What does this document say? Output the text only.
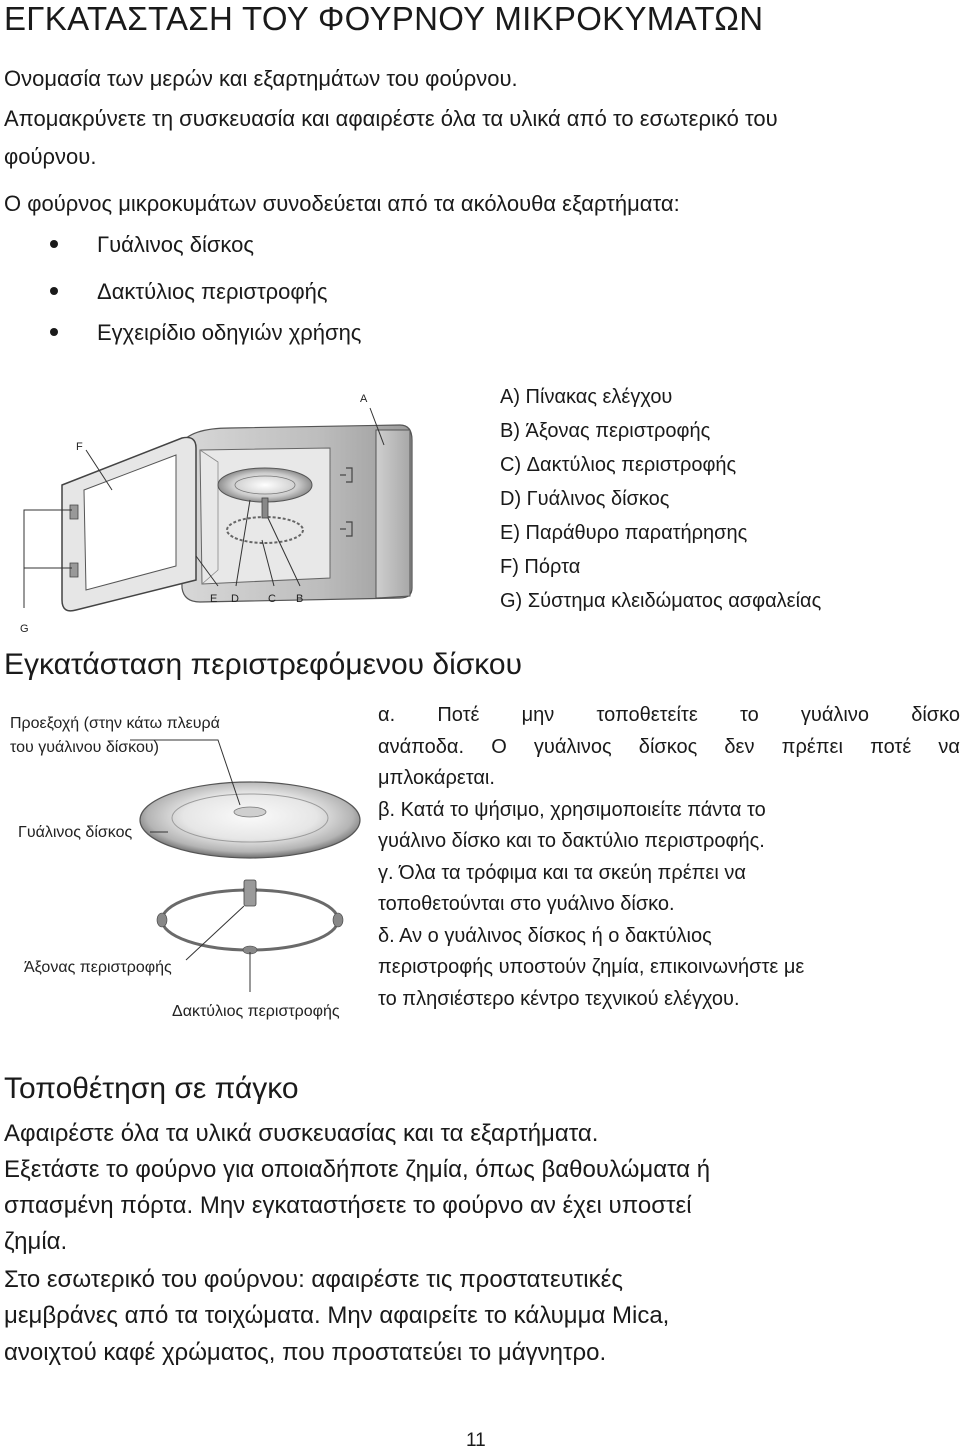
ΕΓΚΑΤΑΣΤΑΣΗ ΤΟΥ ΦΟΥΡΝΟΥ ΜΙΚΡΟΚΥΜΑΤΩΝ
Ονομασία των μερών και εξαρτημάτων του φούρνου.
Απομακρύνετε τη συσκευασία και αφαιρέστε όλα τα υλικά από το εσωτερικό του
φούρνου.
Ο φούρνος μικροκυμάτων συνοδεύεται από τα ακόλουθα εξαρτήματα:
Γυάλινος δίσκος
Δακτύλιος περιστροφής
Εγχειρίδιο οδηγιών χρήσης
A
F
E D	C B
G
A) Πίνακας ελέγχου
B) Άξονας περιστροφής
C) Δακτύλιος περιστροφής
D) Γυάλινος δίσκος
E) Παράθυρο παρατήρησης
F) Πόρτα
G) Σύστημα κλειδώματος ασφαλείας
Εγκατάσταση περιστρεφόμενου δίσκου
Προεξοχή (στην κάτω πλευρά
του γυάλινου δίσκου)
Γυάλινος δίσκος
Άξονας περιστροφής
Δακτύλιος περιστροφής

α. Ποτέ μην τοποθετείτε το γυάλινο δίσκο

ανάποδα. Ο γυάλινος δίσκος δεν πρέπει ποτέ να

μπλοκάρεται.

β. Κατά το ψήσιμο, χρησιμοποιείτε πάντα το

γυάλινο δίσκο και το δακτύλιο περιστροφής.

γ. Όλα τα τρόφιμα και τα σκεύη πρέπει να

τοποθετούνται στο γυάλινο δίσκο.

δ. Αν ο γυάλινος δίσκος ή ο δακτύλιος

περιστροφής υποστούν ζημία, επικοινωνήστε με

το πλησιέστερο κέντρο τεχνικού ελέγχου.

Τοποθέτηση σε πάγκο
Αφαιρέστε όλα τα υλικά συσκευασίας και τα εξαρτήματα.
Εξετάστε το φούρνο για οποιαδήποτε ζημία, όπως βαθουλώματα ή
σπασμένη πόρτα. Μην εγκαταστήσετε το φούρνο αν έχει υποστεί
ζημία.
Στο εσωτερικό του φούρνου: αφαιρέστε τις προστατευτικές
μεμβράνες από τα τοιχώματα. Μην αφαιρείτε το κάλυμμα Mica,
ανοιχτού καφέ χρώματος, που προστατεύει το μάγνητρο.
11
